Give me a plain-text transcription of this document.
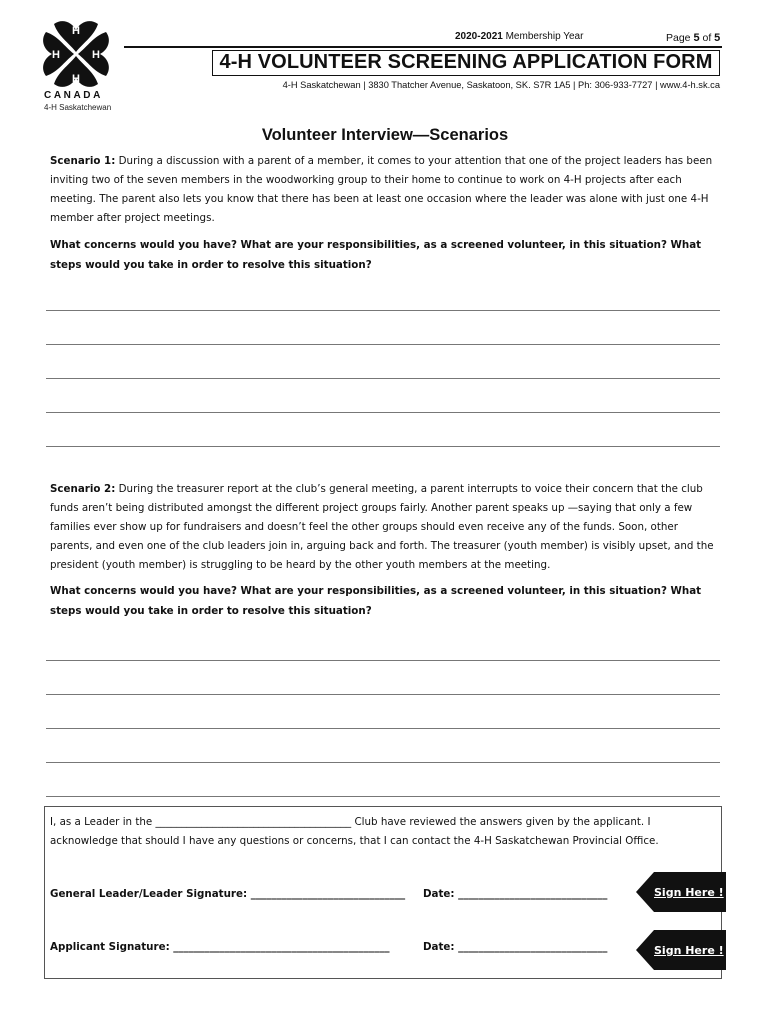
H
H
H
H
CANADA
4-H Saskatchewan
2020-2021 Membership Year	Page 5 of 5
4-H VOLUNTEER SCREENING APPLICATION FORM
4-H Saskatchewan | 3830 Thatcher Avenue, Saskatoon, SK. S7R 1A5 | Ph: 306-933-7727 | www.4-h.sk.ca
Volunteer Interview—Scenarios
Scenario 1: During a discussion with a parent of a member, it comes to your attention that one of the project leaders has been inviting two of the seven members in the woodworking group to their home to continue to work on 4-H projects after each meeting. The parent also lets you know that there has been at least one occasion where the leader was alone with just one 4-H member after project meetings.
What concerns would you have? What are your responsibilities, as a screened volunteer, in this situation? What steps would you take in order to resolve this situation?
Scenario 2: During the treasurer report at the club’s general meeting, a parent interrupts to voice their concern that the club funds aren’t being distributed amongst the different project groups fairly. Another parent speaks up —saying that only a few families ever show up for fundraisers and doesn’t feel the other groups should even receive any of the funds. Soon, other parents, and even one of the club leaders join in, arguing back and forth. The treasurer (youth member) is visibly upset, and the president (youth member) is struggling to be heard by the other youth members at the meeting.
What concerns would you have? What are your responsibilities, as a screened volunteer, in this situation? What steps would you take in order to resolve this situation?
I, as a Leader in the ______________________________________ Club have reviewed the answers given by the applicant. I
acknowledge that should I have any questions or concerns, that I can contact the 4-H Saskatchewan Provincial Office.
General Leader/Leader Signature: ______________________________ Date: _____________________________
Applicant Signature: __________________________________________	Date: _____________________________
Sign Here !
Sign Here !
